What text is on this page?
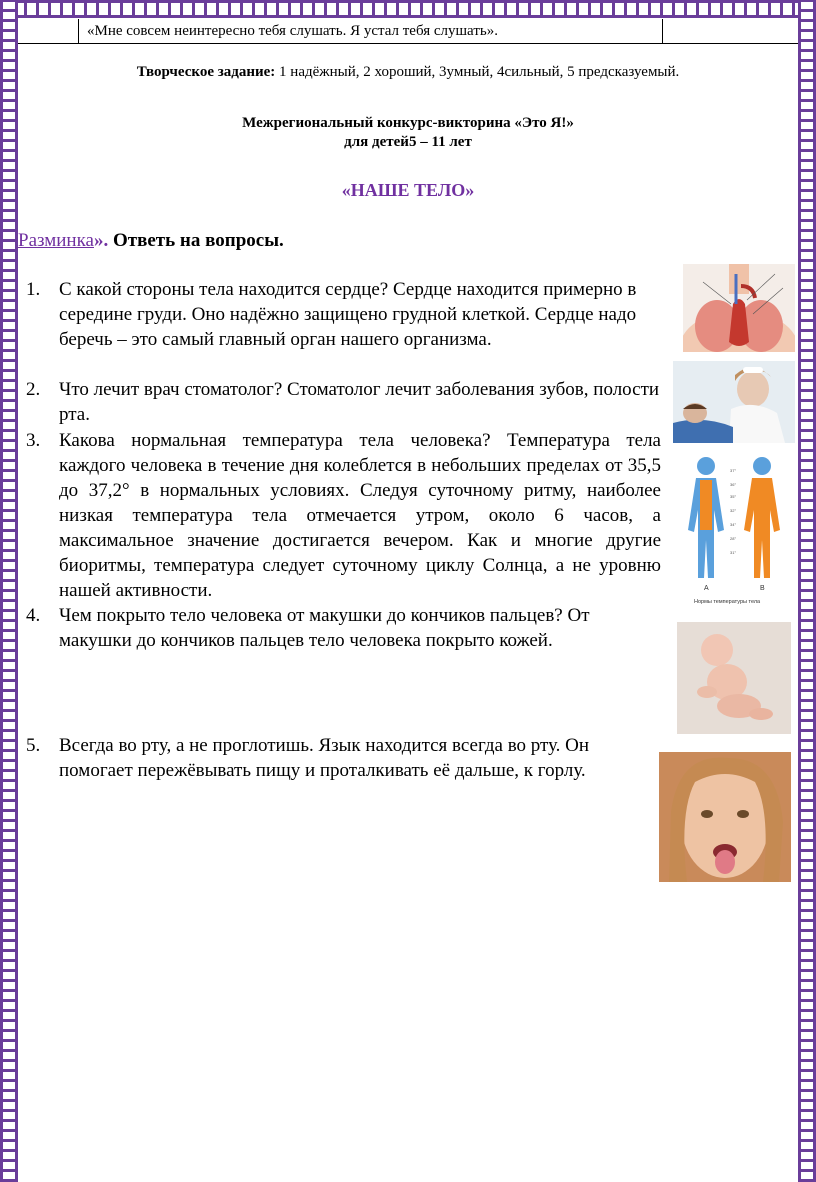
«Мне совсем неинтересно тебя слушать. Я устал тебя слушать».
Творческое задание: 1 надёжный, 2 хороший, 3умный, 4сильный, 5 предсказуемый.
Межрегиональный конкурс-викторина «Это Я!»
для детей5 – 11 лет
«НАШЕ ТЕЛО»
Разминка». Ответь на вопросы.
1. С какой стороны тела находится сердце? Сердце находится примерно в середине груди. Оно надёжно защищено грудной клеткой. Сердце надо беречь – это самый главный орган нашего организма.
2. Что лечит врач стоматолог? Стоматолог лечит заболевания зубов, полости рта.
3. Какова нормальная температура тела человека? Температура тела каждого человека в течение дня колеблется в небольших пределах от 35,5 до 37,2° в нормальных условиях. Следуя суточному ритму, наиболее низкая температура тела отмечается утром, около 6 часов, а максимальное значение достигается вечером. Как и многие другие биоритмы, температура следует суточному циклу Солнца, а не уровню нашей активности.
4. Чем покрыто тело человека от макушки до кончиков пальцев? От макушки до кончиков пальцев тело человека покрыто кожей.
5. Всегда во рту, а не проглотишь. Язык находится всегда во рту. Он помогает пережёвывать пищу и проталкивать её дальше, к горлу.
A	B
37°
36°
35°
32°
34°
28°
31°
Нормы температуры тела
